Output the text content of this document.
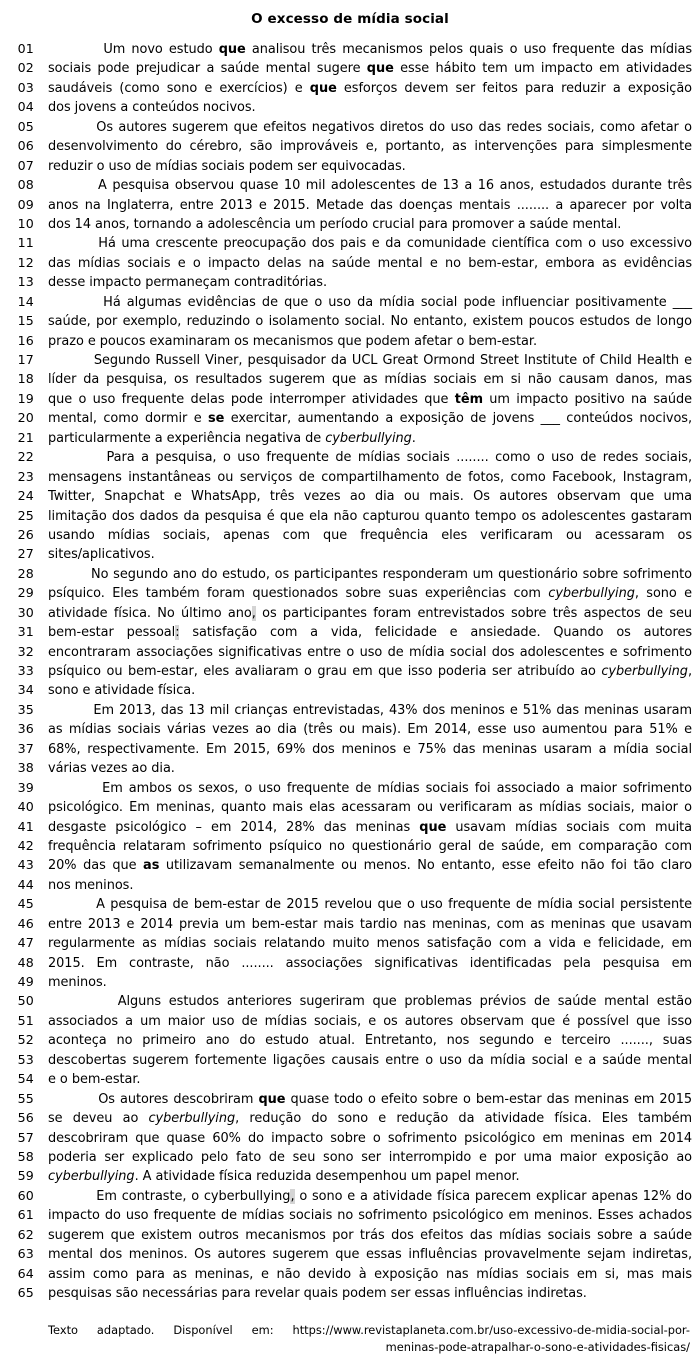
O excesso de mídia social
01 Um novo estudo que analisou três mecanismos pelos quais o uso frequente das mídias
02 sociais pode prejudicar a saúde mental sugere que esse hábito tem um impacto em atividades
03 saudáveis (como sono e exercícios) e que esforços devem ser feitos para reduzir a exposição
04 dos jovens a conteúdos nocivos.
05 Os autores sugerem que efeitos negativos diretos do uso das redes sociais, como afetar o
06 desenvolvimento do cérebro, são improváveis e, portanto, as intervenções para simplesmente
07 reduzir o uso de mídias sociais podem ser equivocadas.
08 A pesquisa observou quase 10 mil adolescentes de 13 a 16 anos, estudados durante três
09 anos na Inglaterra, entre 2013 e 2015. Metade das doenças mentais ........ a aparecer por volta
10 dos 14 anos, tornando a adolescência um período crucial para promover a saúde mental.
11 Há uma crescente preocupação dos pais e da comunidade científica com o uso excessivo
12 das mídias sociais e o impacto delas na saúde mental e no bem-estar, embora as evidências
13 desse impacto permaneçam contraditórias.
14 Há algumas evidências de que o uso da mídia social pode influenciar positivamente ___
15 saúde, por exemplo, reduzindo o isolamento social. No entanto, existem poucos estudos de longo
16 prazo e poucos examinaram os mecanismos que podem afetar o bem-estar.
17 Segundo Russell Viner, pesquisador da UCL Great Ormond Street Institute of Child Health e
18 líder da pesquisa, os resultados sugerem que as mídias sociais em si não causam danos, mas
19 que o uso frequente delas pode interromper atividades que têm um impacto positivo na saúde
20 mental, como dormir e se exercitar, aumentando a exposição de jovens ___ conteúdos nocivos,
21 particularmente a experiência negativa de cyberbullying.
22 Para a pesquisa, o uso frequente de mídias sociais ........ como o uso de redes sociais,
23 mensagens instantâneas ou serviços de compartilhamento de fotos, como Facebook, Instagram,
24 Twitter, Snapchat e WhatsApp, três vezes ao dia ou mais. Os autores observam que uma
25 limitação dos dados da pesquisa é que ela não capturou quanto tempo os adolescentes gastaram
26 usando mídias sociais, apenas com que frequência eles verificaram ou acessaram os
27 sites/aplicativos.
28 No segundo ano do estudo, os participantes responderam um questionário sobre sofrimento
29 psíquico. Eles também foram questionados sobre suas experiências com cyberbullying, sono e
30 atividade física. No último ano, os participantes foram entrevistados sobre três aspectos de seu
31 bem-estar pessoal: satisfação com a vida, felicidade e ansiedade. Quando os autores
32 encontraram associações significativas entre o uso de mídia social dos adolescentes e sofrimento
33 psíquico ou bem-estar, eles avaliaram o grau em que isso poderia ser atribuído ao cyberbullying,
34 sono e atividade física.
35 Em 2013, das 13 mil crianças entrevistadas, 43% dos meninos e 51% das meninas usaram
36 as mídias sociais várias vezes ao dia (três ou mais). Em 2014, esse uso aumentou para 51% e
37 68%, respectivamente. Em 2015, 69% dos meninos e 75% das meninas usaram a mídia social
38 várias vezes ao dia.
39 Em ambos os sexos, o uso frequente de mídias sociais foi associado a maior sofrimento
40 psicológico. Em meninas, quanto mais elas acessaram ou verificaram as mídias sociais, maior o
41 desgaste psicológico – em 2014, 28% das meninas que usavam mídias sociais com muita
42 frequência relataram sofrimento psíquico no questionário geral de saúde, em comparação com
43 20% das que as utilizavam semanalmente ou menos. No entanto, esse efeito não foi tão claro
44 nos meninos.
45 A pesquisa de bem-estar de 2015 revelou que o uso frequente de mídia social persistente
46 entre 2013 e 2014 previa um bem-estar mais tardio nas meninas, com as meninas que usavam
47 regularmente as mídias sociais relatando muito menos satisfação com a vida e felicidade, em
48 2015. Em contraste, não ........ associações significativas identificadas pela pesquisa em
49 meninos.
50 Alguns estudos anteriores sugeriram que problemas prévios de saúde mental estão
51 associados a um maior uso de mídias sociais, e os autores observam que é possível que isso
52 aconteça no primeiro ano do estudo atual. Entretanto, nos segundo e terceiro ......., suas
53 descobertas sugerem fortemente ligações causais entre o uso da mídia social e a saúde mental
54 e o bem-estar.
55 Os autores descobriram que quase todo o efeito sobre o bem-estar das meninas em 2015
56 se deveu ao cyberbullying, redução do sono e redução da atividade física. Eles também
57 descobriram que quase 60% do impacto sobre o sofrimento psicológico em meninas em 2014
58 poderia ser explicado pelo fato de seu sono ser interrompido e por uma maior exposição ao
59 cyberbullying. A atividade física reduzida desempenhou um papel menor.
60 Em contraste, o cyberbullying, o sono e a atividade física parecem explicar apenas 12% do
61 impacto do uso frequente de mídias sociais no sofrimento psicológico em meninos. Esses achados
62 sugerem que existem outros mecanismos por trás dos efeitos das mídias sociais sobre a saúde
63 mental dos meninos. Os autores sugerem que essas influências provavelmente sejam indiretas,
64 assim como para as meninas, e não devido à exposição nas mídias sociais em si, mas mais
65 pesquisas são necessárias para revelar quais podem ser essas influências indiretas.
Texto adaptado. Disponível em: https://www.revistaplaneta.com.br/uso-excessivo-de-midia-social-por-
meninas-pode-atrapalhar-o-sono-e-atividades-fisicas/
